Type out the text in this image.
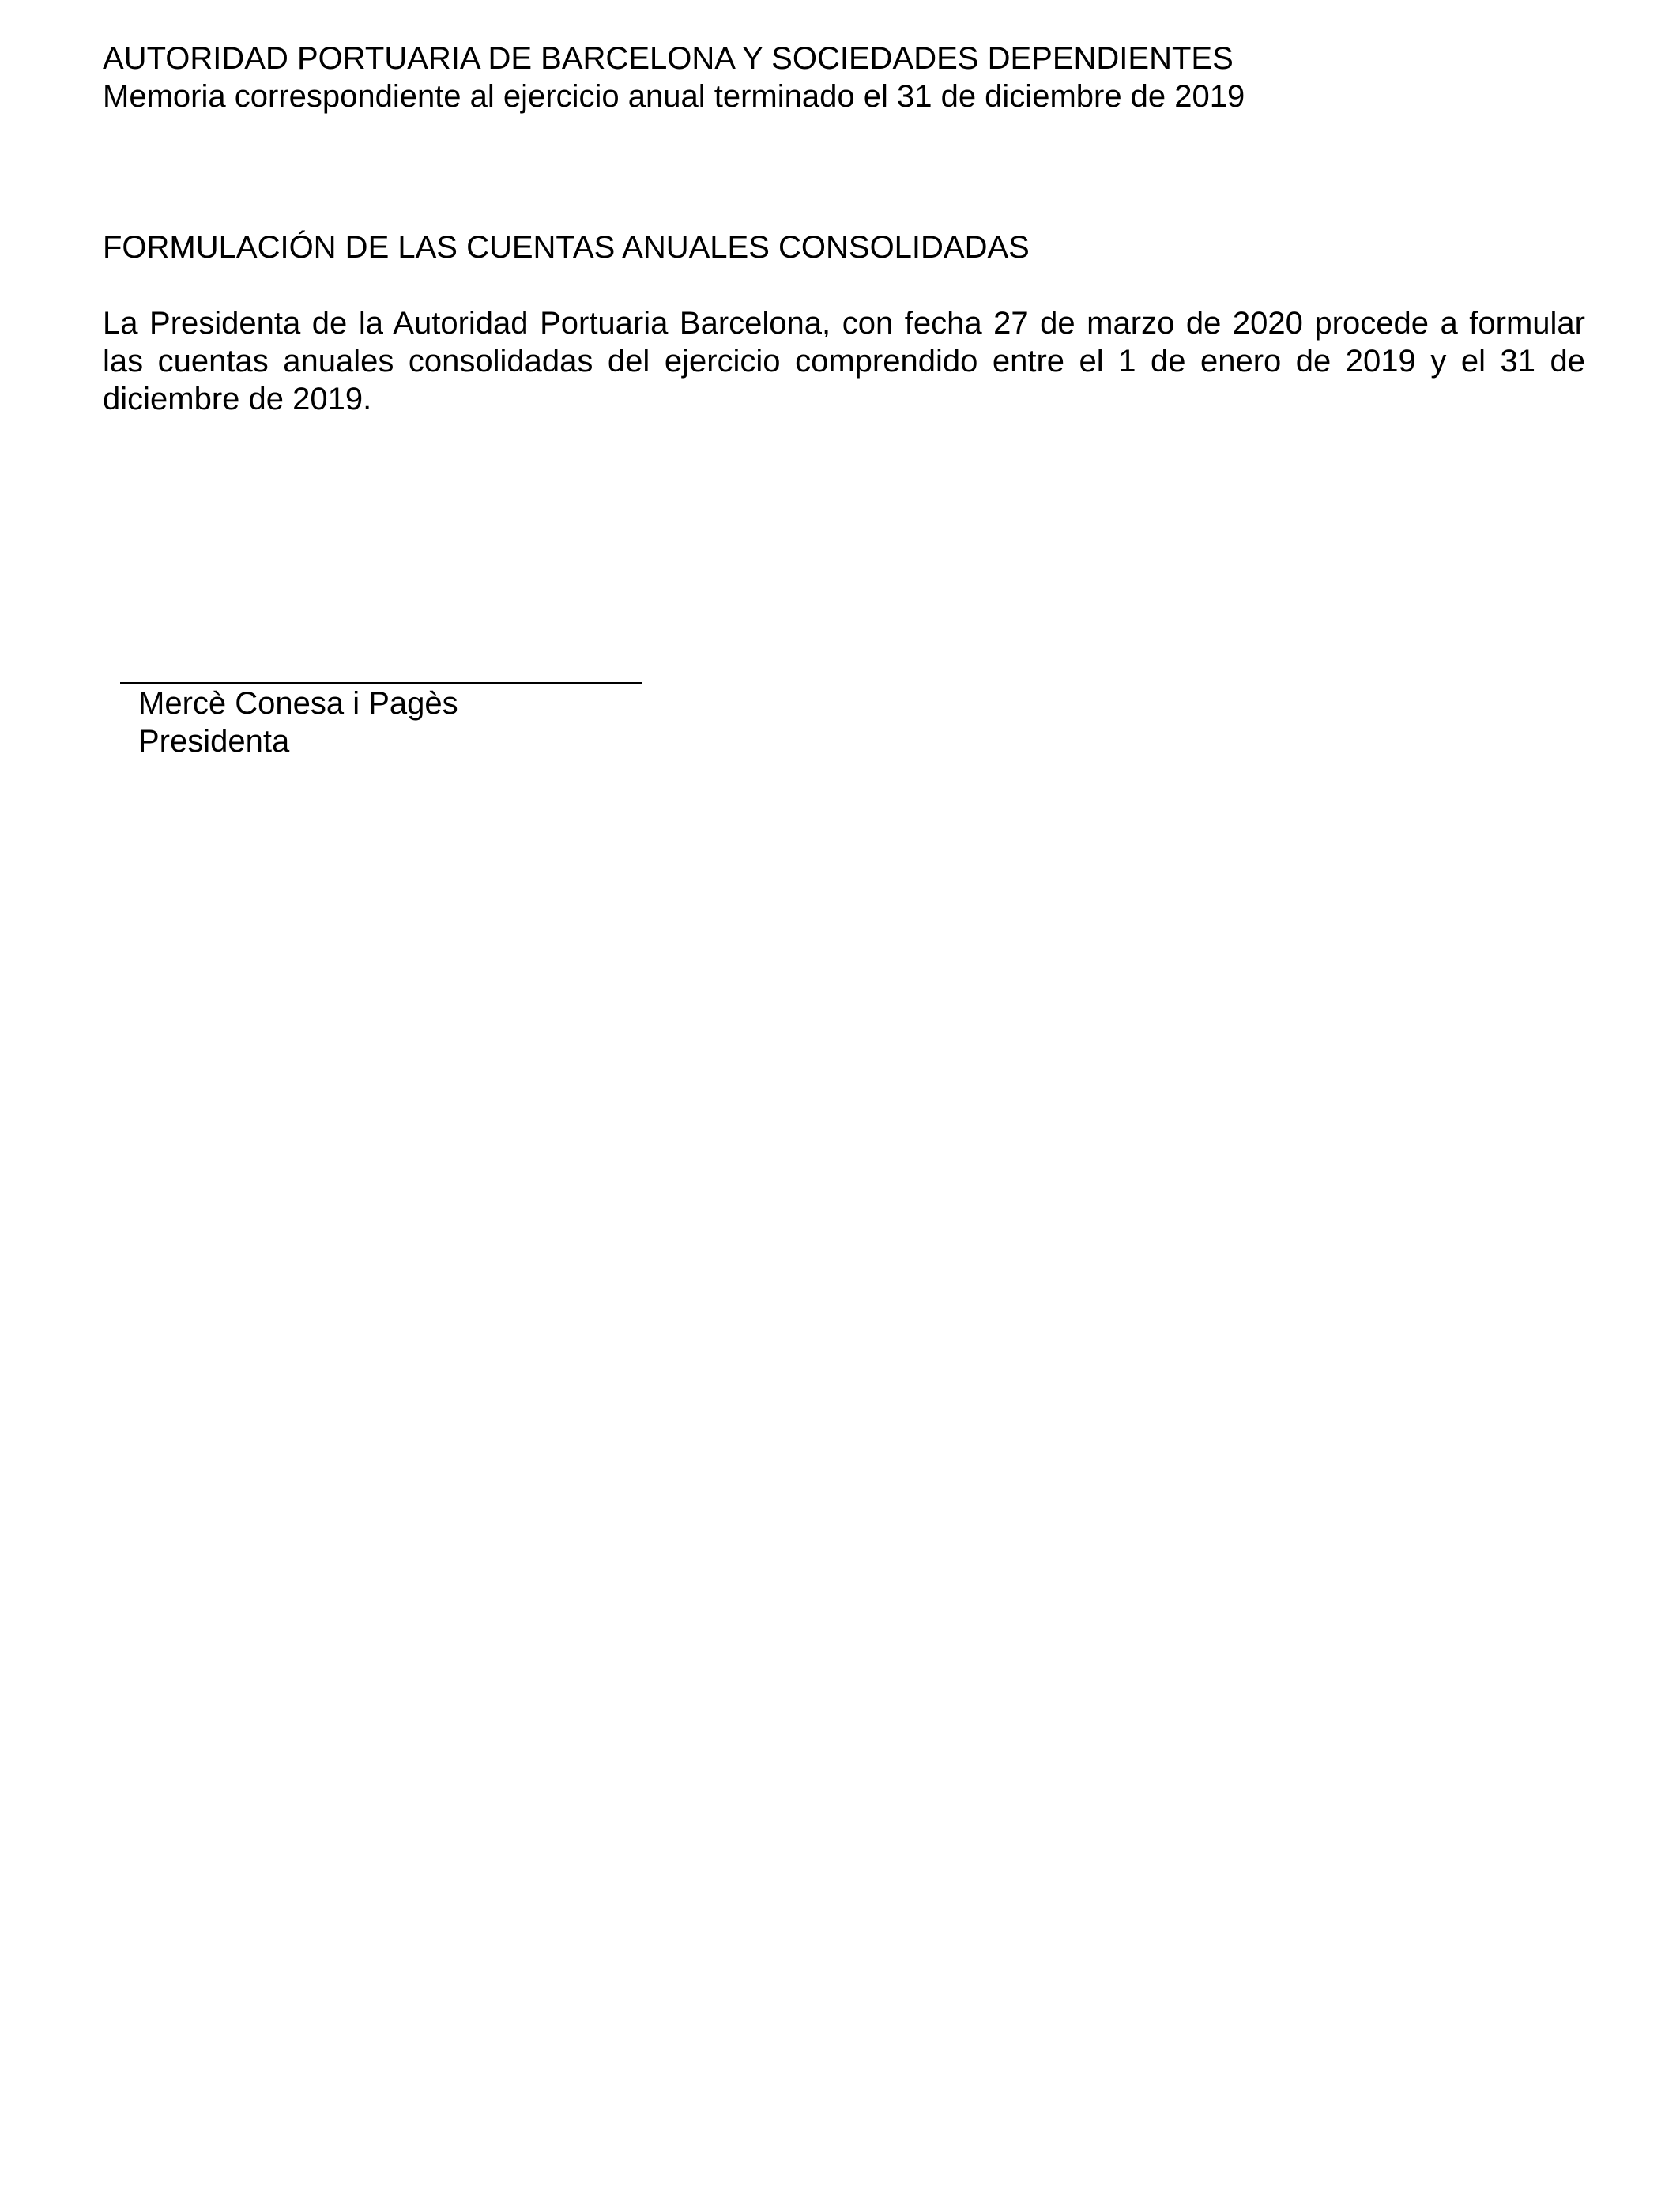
AUTORIDAD PORTUARIA DE BARCELONA Y SOCIEDADES DEPENDIENTES
Memoria correspondiente al ejercicio anual terminado el 31 de diciembre de 2019
FORMULACIÓN DE LAS CUENTAS ANUALES CONSOLIDADAS
La Presidenta de la Autoridad Portuaria Barcelona, con fecha 27 de marzo de 2020 procede a formular las cuentas anuales consolidadas del ejercicio comprendido entre el 1 de enero de 2019 y el 31 de diciembre de 2019.
Mercè Conesa i Pagès
Presidenta
